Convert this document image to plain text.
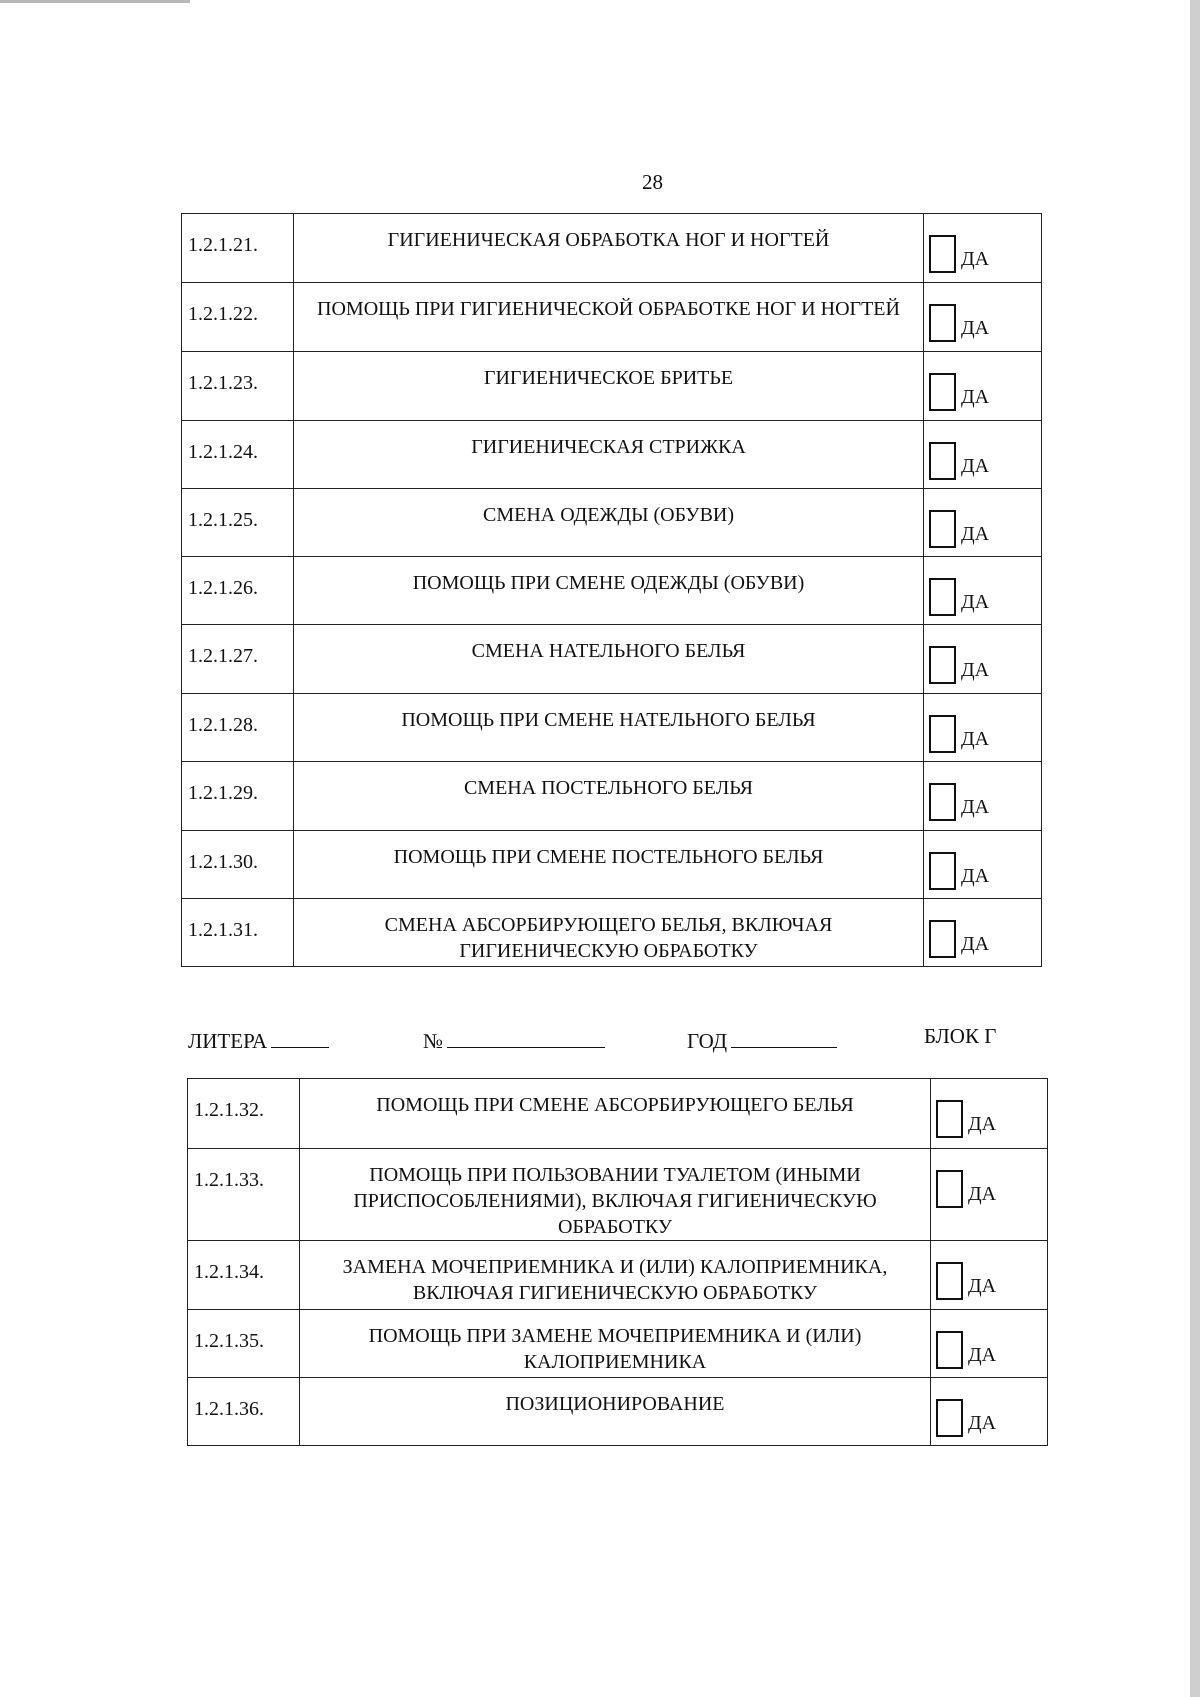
28
1.2.1.21.	ГИГИЕНИЧЕСКАЯ ОБРАБОТКА НОГ И НОГТЕЙ	ДА

1.2.1.22.	ПОМОЩЬ ПРИ ГИГИЕНИЧЕСКОЙ ОБРАБОТКЕ НОГ И НОГТЕЙ	ДА

1.2.1.23.	ГИГИЕНИЧЕСКОЕ БРИТЬЕ	ДА

1.2.1.24.	ГИГИЕНИЧЕСКАЯ СТРИЖКА	ДА

1.2.1.25.	СМЕНА ОДЕЖДЫ (ОБУВИ)	ДА

1.2.1.26.	ПОМОЩЬ ПРИ СМЕНЕ ОДЕЖДЫ (ОБУВИ)	ДА

1.2.1.27.	СМЕНА НАТЕЛЬНОГО БЕЛЬЯ	ДА

1.2.1.28.	ПОМОЩЬ ПРИ СМЕНЕ НАТЕЛЬНОГО БЕЛЬЯ	ДА

1.2.1.29.	СМЕНА ПОСТЕЛЬНОГО БЕЛЬЯ	ДА

1.2.1.30.	ПОМОЩЬ ПРИ СМЕНЕ ПОСТЕЛЬНОГО БЕЛЬЯ	ДА

1.2.1.31.	СМЕНА АБСОРБИРУЮЩЕГО БЕЛЬЯ, ВКЛЮЧАЯ ГИГИЕНИЧЕСКУЮ ОБРАБОТКУ	ДА
ЛИТЕРА	№	ГОД	БЛОК Г
1.2.1.32.	ПОМОЩЬ ПРИ СМЕНЕ АБСОРБИРУЮЩЕГО БЕЛЬЯ	ДА

1.2.1.33.	ПОМОЩЬ ПРИ ПОЛЬЗОВАНИИ ТУАЛЕТОМ (ИНЫМИ ПРИСПОСОБЛЕНИЯМИ), ВКЛЮЧАЯ ГИГИЕНИЧЕСКУЮ ОБРАБОТКУ	ДА

1.2.1.34.	ЗАМЕНА МОЧЕПРИЕМНИКА И (ИЛИ) КАЛОПРИЕМНИКА, ВКЛЮЧАЯ ГИГИЕНИЧЕСКУЮ ОБРАБОТКУ	ДА

1.2.1.35.	ПОМОЩЬ ПРИ ЗАМЕНЕ МОЧЕПРИЕМНИКА И (ИЛИ) КАЛОПРИЕМНИКА	ДА

1.2.1.36.	ПОЗИЦИОНИРОВАНИЕ	ДА
